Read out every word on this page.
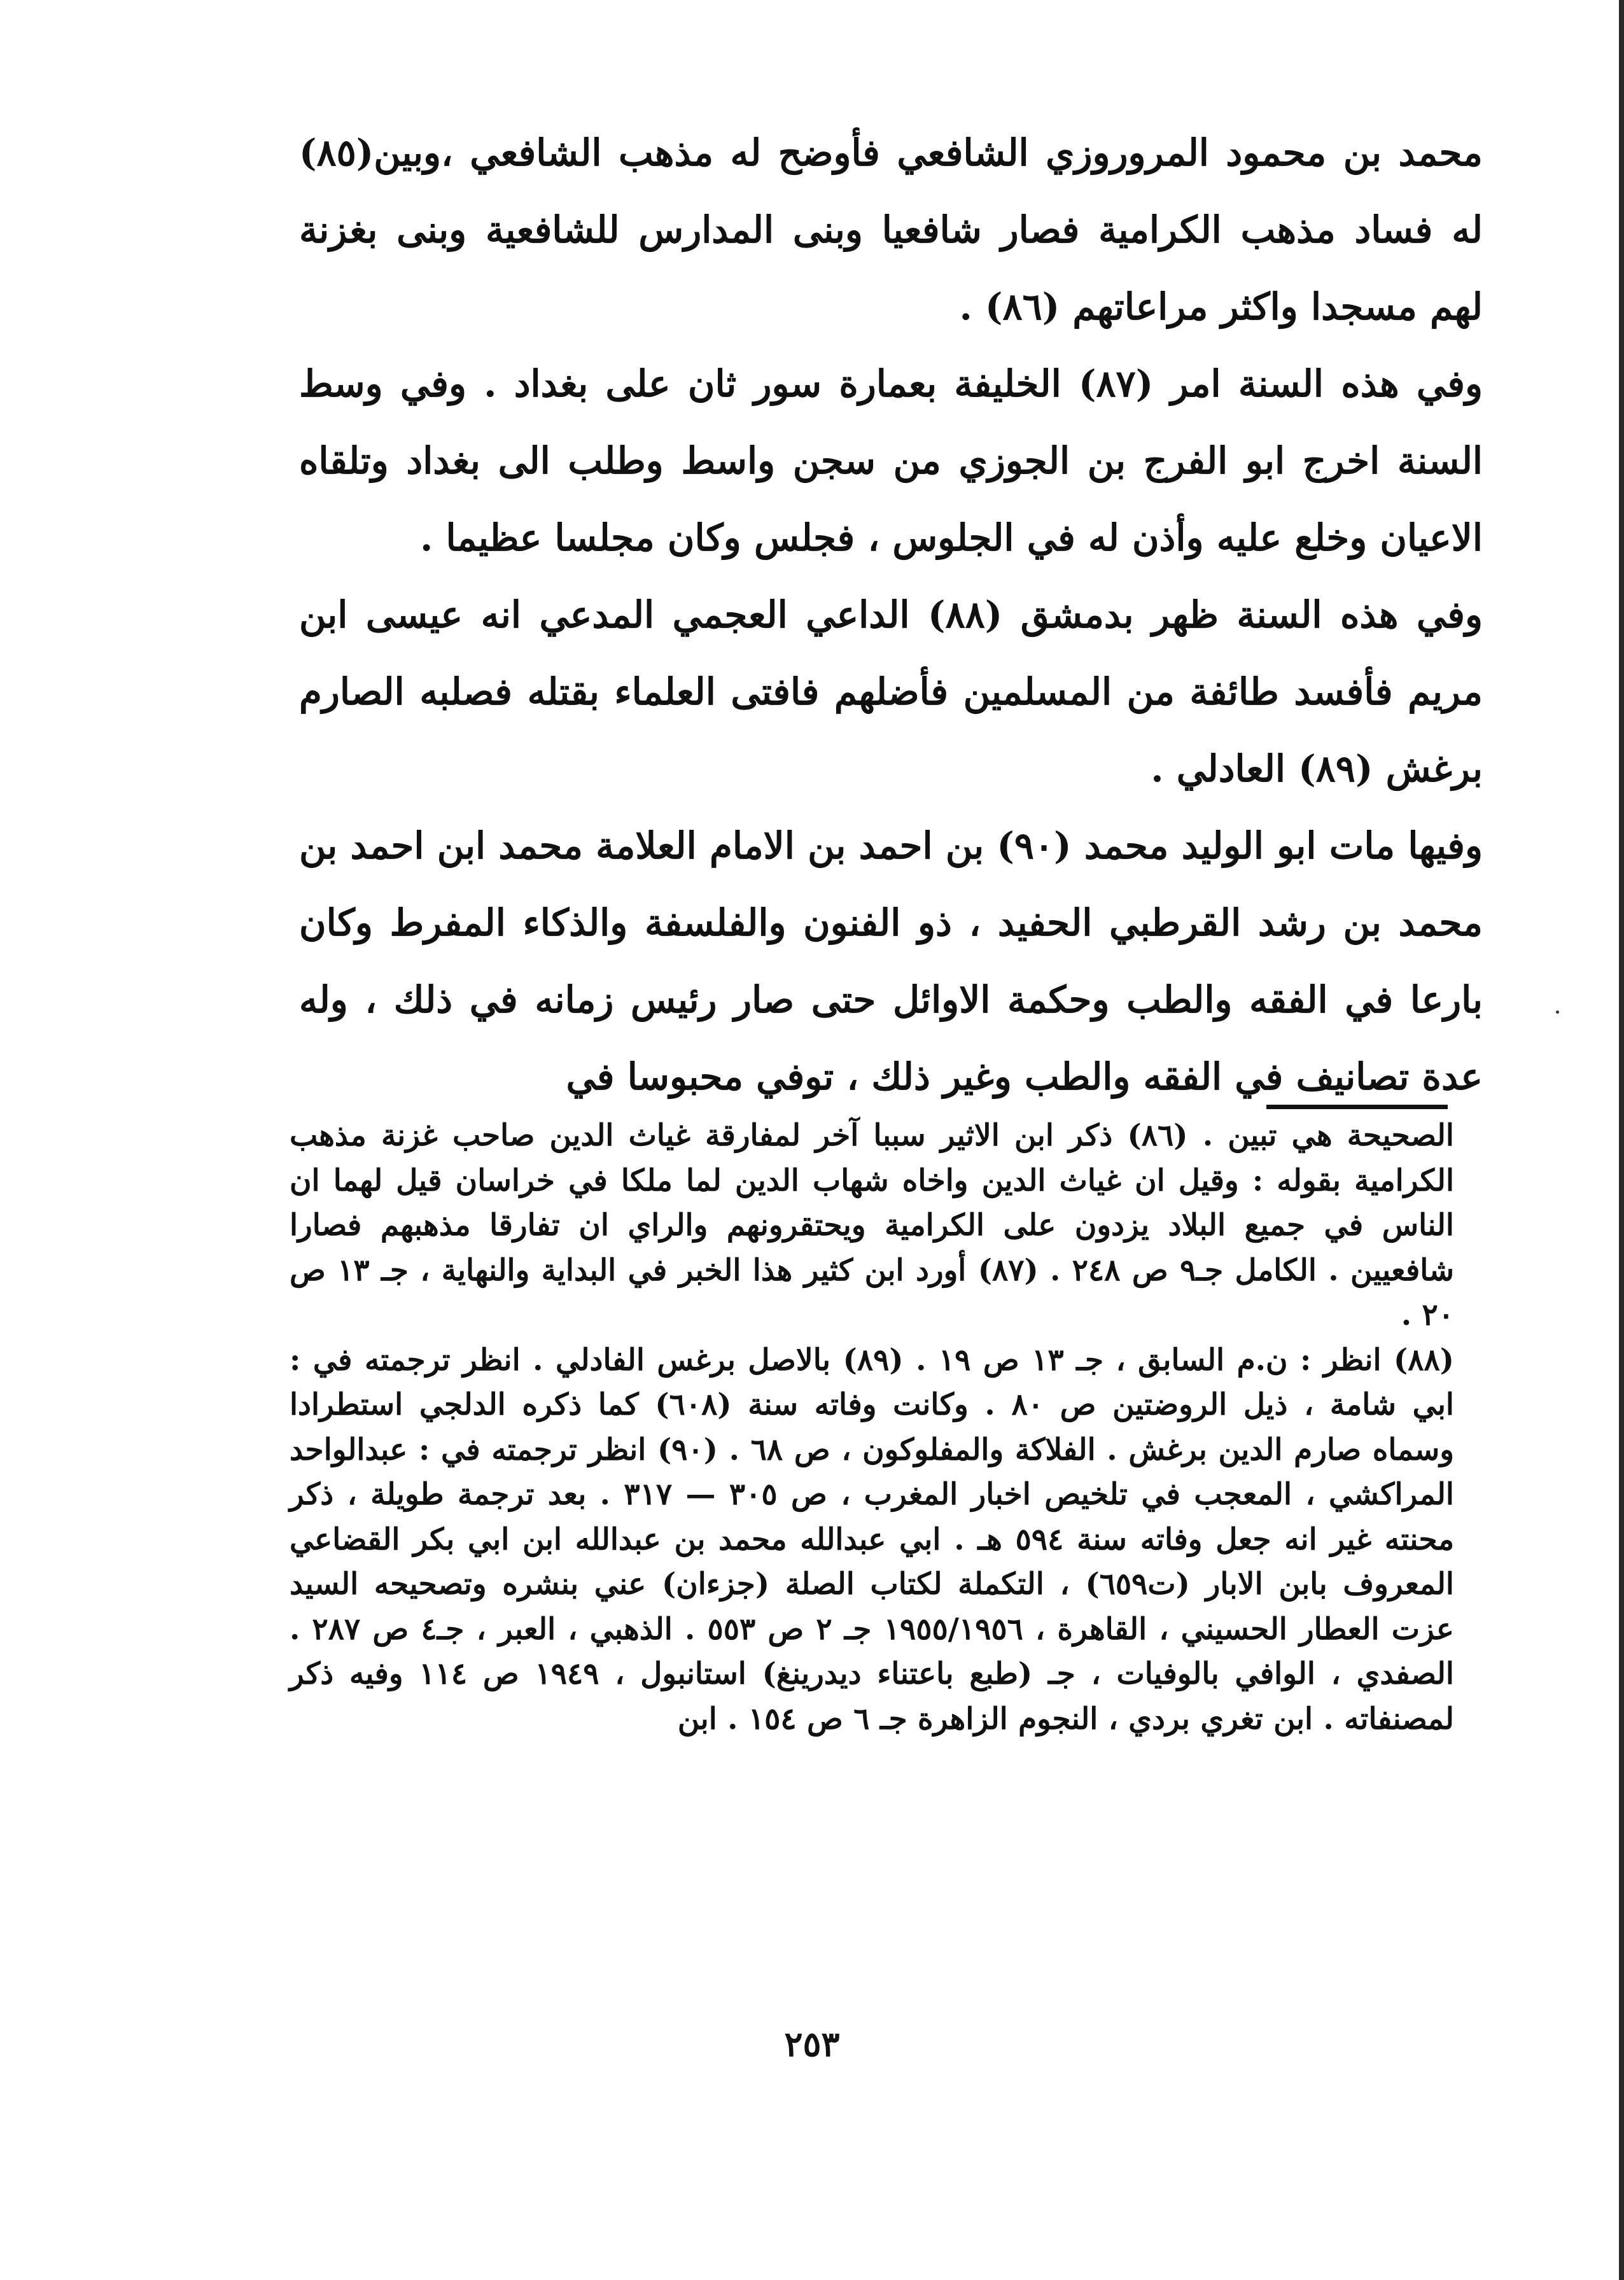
محمد بن محمود المروروزي الشافعي فأوضح له مذهب الشافعي ،وبين(٨٥) له فساد مذهب الكرامية فصار شافعيا وبنى المدارس للشافعية وبنى بغزنة لهم مسجدا واكثر مراعاتهم (٨٦) .

وفي هذه السنة امر (٨٧) الخليفة بعمارة سور ثان على بغداد . وفي وسط السنة اخرج ابو الفرج بن الجوزي من سجن واسط وطلب الى بغداد وتلقاه الاعيان وخلع عليه وأذن له في الجلوس ، فجلس وكان مجلسا عظيما .

وفي هذه السنة ظهر بدمشق (٨٨) الداعي العجمي المدعي انه عيسى ابن مريم فأفسد طائفة من المسلمين فأضلهم فافتى العلماء بقتله فصلبه الصارم برغش (٨٩) العادلي .

وفيها مات ابو الوليد محمد (٩٠) بن احمد بن الامام العلامة محمد ابن احمد بن محمد بن رشد القرطبي الحفيد ، ذو الفنون والفلسفة والذكاء المفرط وكان بارعا في الفقه والطب وحكمة الاوائل حتى صار رئيس زمانه في ذلك ، وله عدة تصانيف في الفقه والطب وغير ذلك ، توفي محبوسا في

الصحيحة هي تبين . (٨٦) ذكر ابن الاثير سببا آخر لمفارقة غياث الدين صاحب غزنة مذهب الكرامية بقوله : وقيل ان غياث الدين واخاه شهاب الدين لما ملكا في خراسان قيل لهما ان الناس في جميع البلاد يزدون على الكرامية ويحتقرونهم والراي ان تفارقا مذهبهم فصارا شافعيين . الكامل جـ٩ ص ٢٤٨ . (٨٧) أورد ابن كثير هذا الخبر في البداية والنهاية ، جـ ١٣ ص ٢٠ .

(٨٨) انظر : ن.م السابق ، جـ ١٣ ص ١٩ . (٨٩) بالاصل برغس الفادلي . انظر ترجمته في : ابي شامة ، ذيل الروضتين ص ٨٠ . وكانت وفاته سنة (٦٠٨) كما ذكره الدلجي استطرادا وسماه صارم الدين برغش . الفلاكة والمفلوكون ، ص ٦٨ . (٩٠) انظر ترجمته في : عبدالواحد المراكشي ، المعجب في تلخيص اخبار المغرب ، ص ٣٠٥ — ٣١٧ . بعد ترجمة طويلة ، ذكر محنته غير انه جعل وفاته سنة ٥٩٤ هـ . ابي عبدالله محمد بن عبدالله ابن ابي بكر القضاعي المعروف بابن الابار (ت٦٥٩) ، التكملة لكتاب الصلة (جزءان) عني بنشره وتصحيحه السيد عزت العطار الحسيني ، القاهرة ، ١٩٥٥/١٩٥٦ جـ ٢ ص ٥٥٣ . الذهبي ، العبر ، جـ٤ ص ٢٨٧ . الصفدي ، الوافي بالوفيات ، جـ (طبع باعتناء ديدرينغ) استانبول ، ١٩٤٩ ص ١١٤ وفيه ذكر لمصنفاته . ابن تغري بردي ، النجوم الزاهرة جـ ٦ ص ١٥٤ . ابن

٢٥٣
